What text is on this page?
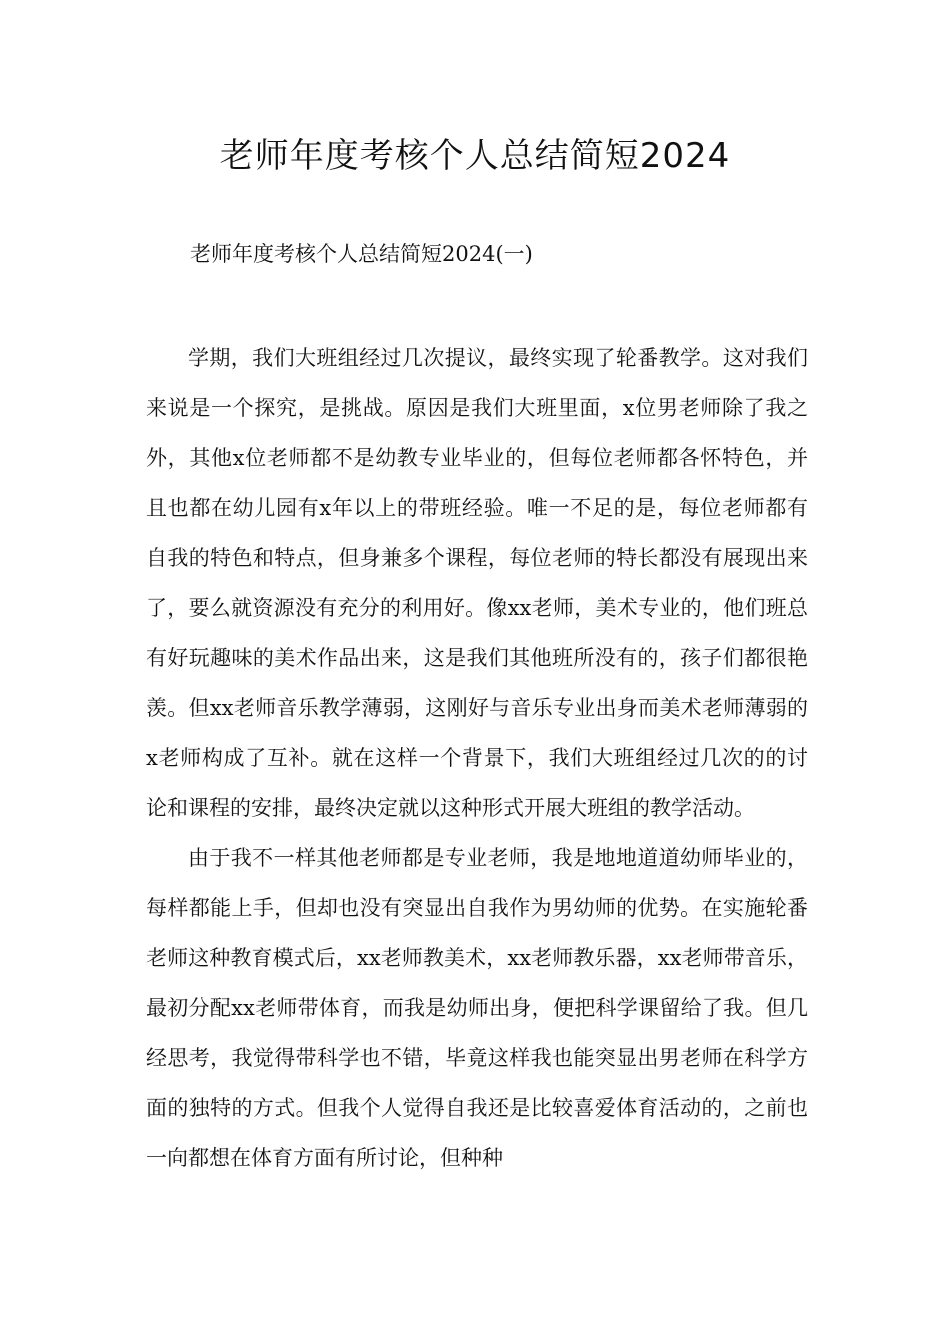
老师年度考核个人总结简短2024
老师年度考核个人总结简短2024(一)

学期，我们大班组经过几次提议，最终实现了轮番教学。这对我们来说是一个探究，是挑战。原因是我们大班里面，x位男老师除了我之外，其他x位老师都不是幼教专业毕业的，但每位老师都各怀特色，并且也都在幼儿园有x年以上的带班经验。唯一不足的是，每位老师都有自我的特色和特点，但身兼多个课程，每位老师的特长都没有展现出来了，要么就资源没有充分的利用好。像xx老师，美术专业的，他们班总有好玩趣味的美术作品出来，这是我们其他班所没有的，孩子们都很艳羡。但xx老师音乐教学薄弱，这刚好与音乐专业出身而美术老师薄弱的x老师构成了互补。就在这样一个背景下，我们大班组经过几次的的讨论和课程的安排，最终决定就以这种形式开展大班组的教学活动。

由于我不一样其他老师都是专业老师，我是地地道道幼师毕业的，每样都能上手，但却也没有突显出自我作为男幼师的优势。在实施轮番老师这种教育模式后，xx老师教美术，xx老师教乐器，xx老师带音乐，最初分配xx老师带体育，而我是幼师出身，便把科学课留给了我。但几经思考，我觉得带科学也不错，毕竟这样我也能突显出男老师在科学方面的独特的方式。但我个人觉得自我还是比较喜爱体育活动的，之前也一向都想在体育方面有所讨论，但种种
